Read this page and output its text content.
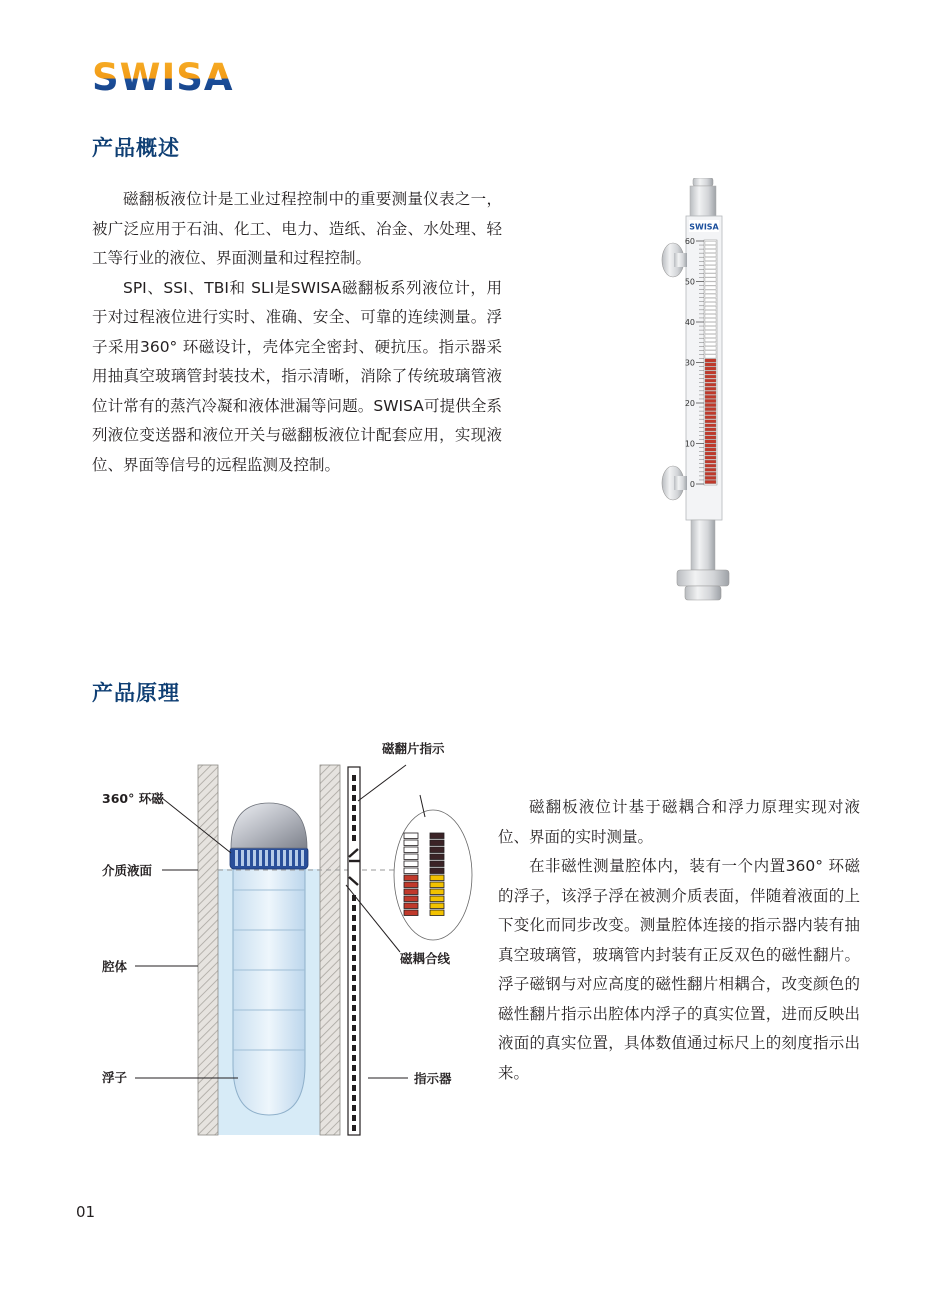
SWISA
产品概述

磁翻板液位计是工业过程控制中的重要测量仪表之一，被广泛应用于石油、化工、电力、造纸、冶金、水处理、轻工等行业的液位、界面测量和过程控制。

SPI、SSI、TBI和 SLI是SWISA磁翻板系列液位计，用于对过程液位进行实时、准确、安全、可靠的连续测量。浮子采用360° 环磁设计，壳体完全密封、硬抗压。指示器采用抽真空玻璃管封装技术，指示清晰，消除了传统玻璃管液位计常有的蒸汽冷凝和液体泄漏等问题。SWISA可提供全系列液位变送器和液位开关与磁翻板液位计配套应用，实现液位、界面等信号的远程监测及控制。

SWISA
60
50
40
30
20
10
0
产品原理
360° 环磁
介质液面
腔体
浮子
磁翻片指示
磁耦合线
指示器

磁翻板液位计基于磁耦合和浮力原理实现对液位、界面的实时测量。

在非磁性测量腔体内，装有一个内置360° 环磁的浮子，该浮子浮在被测介质表面，伴随着液面的上下变化而同步改变。测量腔体连接的指示器内装有抽真空玻璃管，玻璃管内封装有正反双色的磁性翻片。浮子磁钢与对应高度的磁性翻片相耦合，改变颜色的磁性翻片指示出腔体内浮子的真实位置，进而反映出液面的真实位置，具体数值通过标尺上的刻度指示出来。

01
